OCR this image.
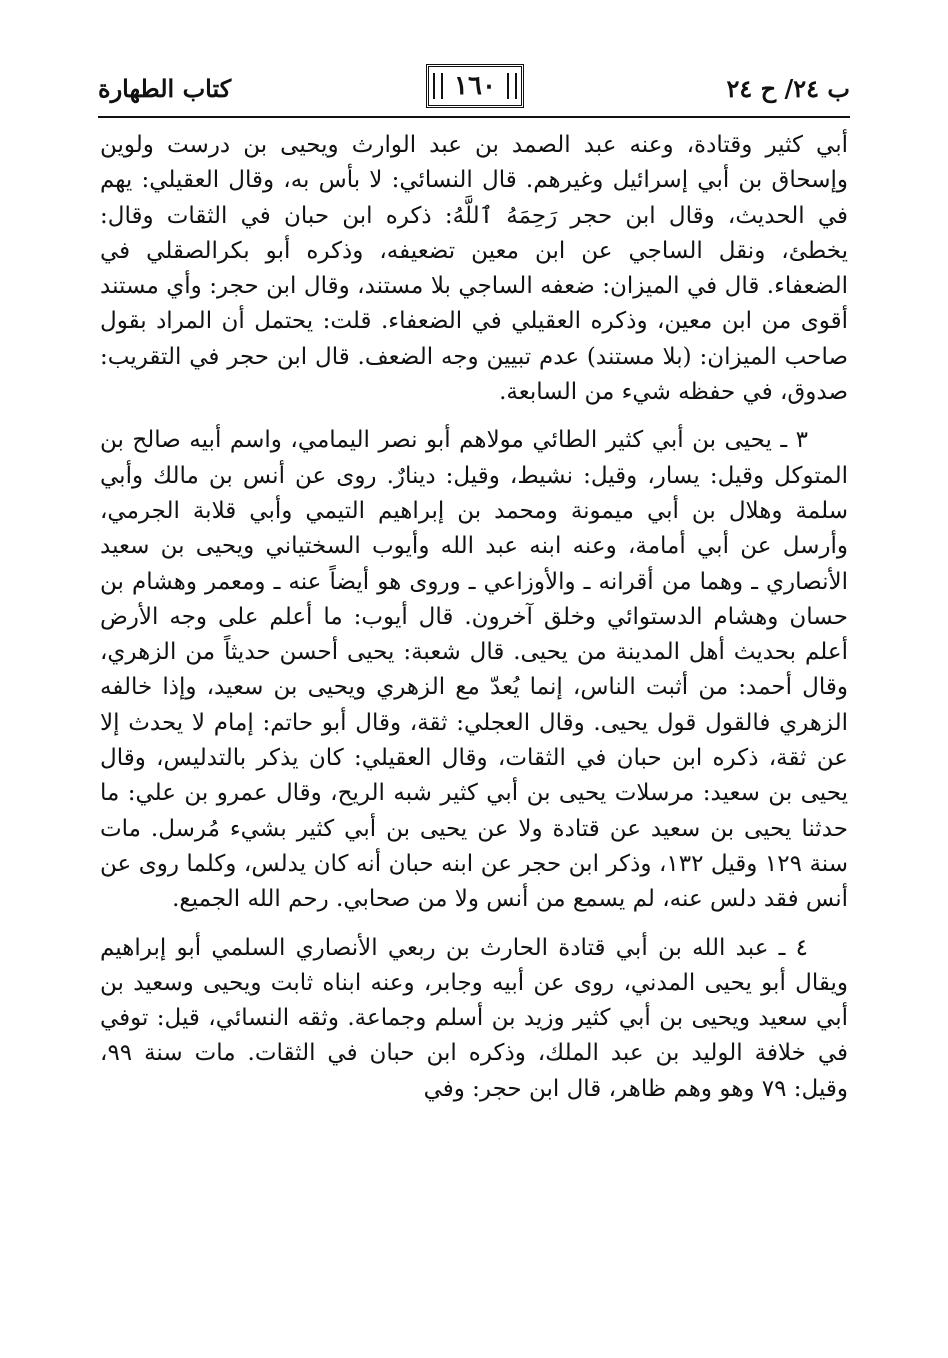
ب ٢٤/ ح ٢٤
١٦٠
كتاب الطهارة

أبي كثير وقتادة، وعنه عبد الصمد بن عبد الوارث ويحيى بن درست ولوين وإسحاق بن أبي إسرائيل وغيرهم. قال النسائي: لا بأس به، وقال العقيلي: يهم في الحديث، وقال ابن حجر رَحِمَهُ ٱللَّهُ: ذكره ابن حبان في الثقات وقال: يخطئ، ونقل الساجي عن ابن معين تضعيفه، وذكره أبو بكرالصقلي في الضعفاء. قال في الميزان: ضعفه الساجي بلا مستند، وقال ابن حجر: وأي مستند أقوى من ابن معين، وذكره العقيلي في الضعفاء. قلت: يحتمل أن المراد بقول صاحب الميزان: (بلا مستند) عدم تبيين وجه الضعف. قال ابن حجر في التقريب: صدوق، في حفظه شيء من السابعة.

٣ ـ يحيى بن أبي كثير الطائي مولاهم أبو نصر اليمامي، واسم أبيه صالح بن المتوكل وقيل: يسار، وقيل: نشيط، وقيل: دينارٌ. روى عن أنس بن مالك وأبي سلمة وهلال بن أبي ميمونة ومحمد بن إبراهيم التيمي وأبي قلابة الجرمي، وأرسل عن أبي أمامة، وعنه ابنه عبد الله وأيوب السختياني ويحيى بن سعيد الأنصاري ـ وهما من أقرانه ـ والأوزاعي ـ وروى هو أيضاً عنه ـ ومعمر وهشام بن حسان وهشام الدستوائي وخلق آخرون. قال أيوب: ما أعلم على وجه الأرض أعلم بحديث أهل المدينة من يحيى. قال شعبة: يحيى أحسن حديثاً من الزهري، وقال أحمد: من أثبت الناس، إنما يُعدّ مع الزهري ويحيى بن سعيد، وإذا خالفه الزهري فالقول قول يحيى. وقال العجلي: ثقة، وقال أبو حاتم: إمام لا يحدث إلا عن ثقة، ذكره ابن حبان في الثقات، وقال العقيلي: كان يذكر بالتدليس، وقال يحيى بن سعيد: مرسلات يحيى بن أبي كثير شبه الريح، وقال عمرو بن علي: ما حدثنا يحيى بن سعيد عن قتادة ولا عن يحيى بن أبي كثير بشيء مُرسل. مات سنة ١٢٩ وقيل ١٣٢، وذكر ابن حجر عن ابنه حبان أنه كان يدلس، وكلما روى عن أنس فقد دلس عنه، لم يسمع من أنس ولا من صحابي. رحم الله الجميع.

٤ ـ عبد الله بن أبي قتادة الحارث بن ربعي الأنصاري السلمي أبو إبراهيم ويقال أبو يحيى المدني، روى عن أبيه وجابر، وعنه ابناه ثابت ويحيى وسعيد بن أبي سعيد ويحيى بن أبي كثير وزيد بن أسلم وجماعة. وثقه النسائي، قيل: توفي في خلافة الوليد بن عبد الملك، وذكره ابن حبان في الثقات. مات سنة ٩٩، وقيل: ٧٩ وهو وهم ظاهر، قال ابن حجر: وفي
